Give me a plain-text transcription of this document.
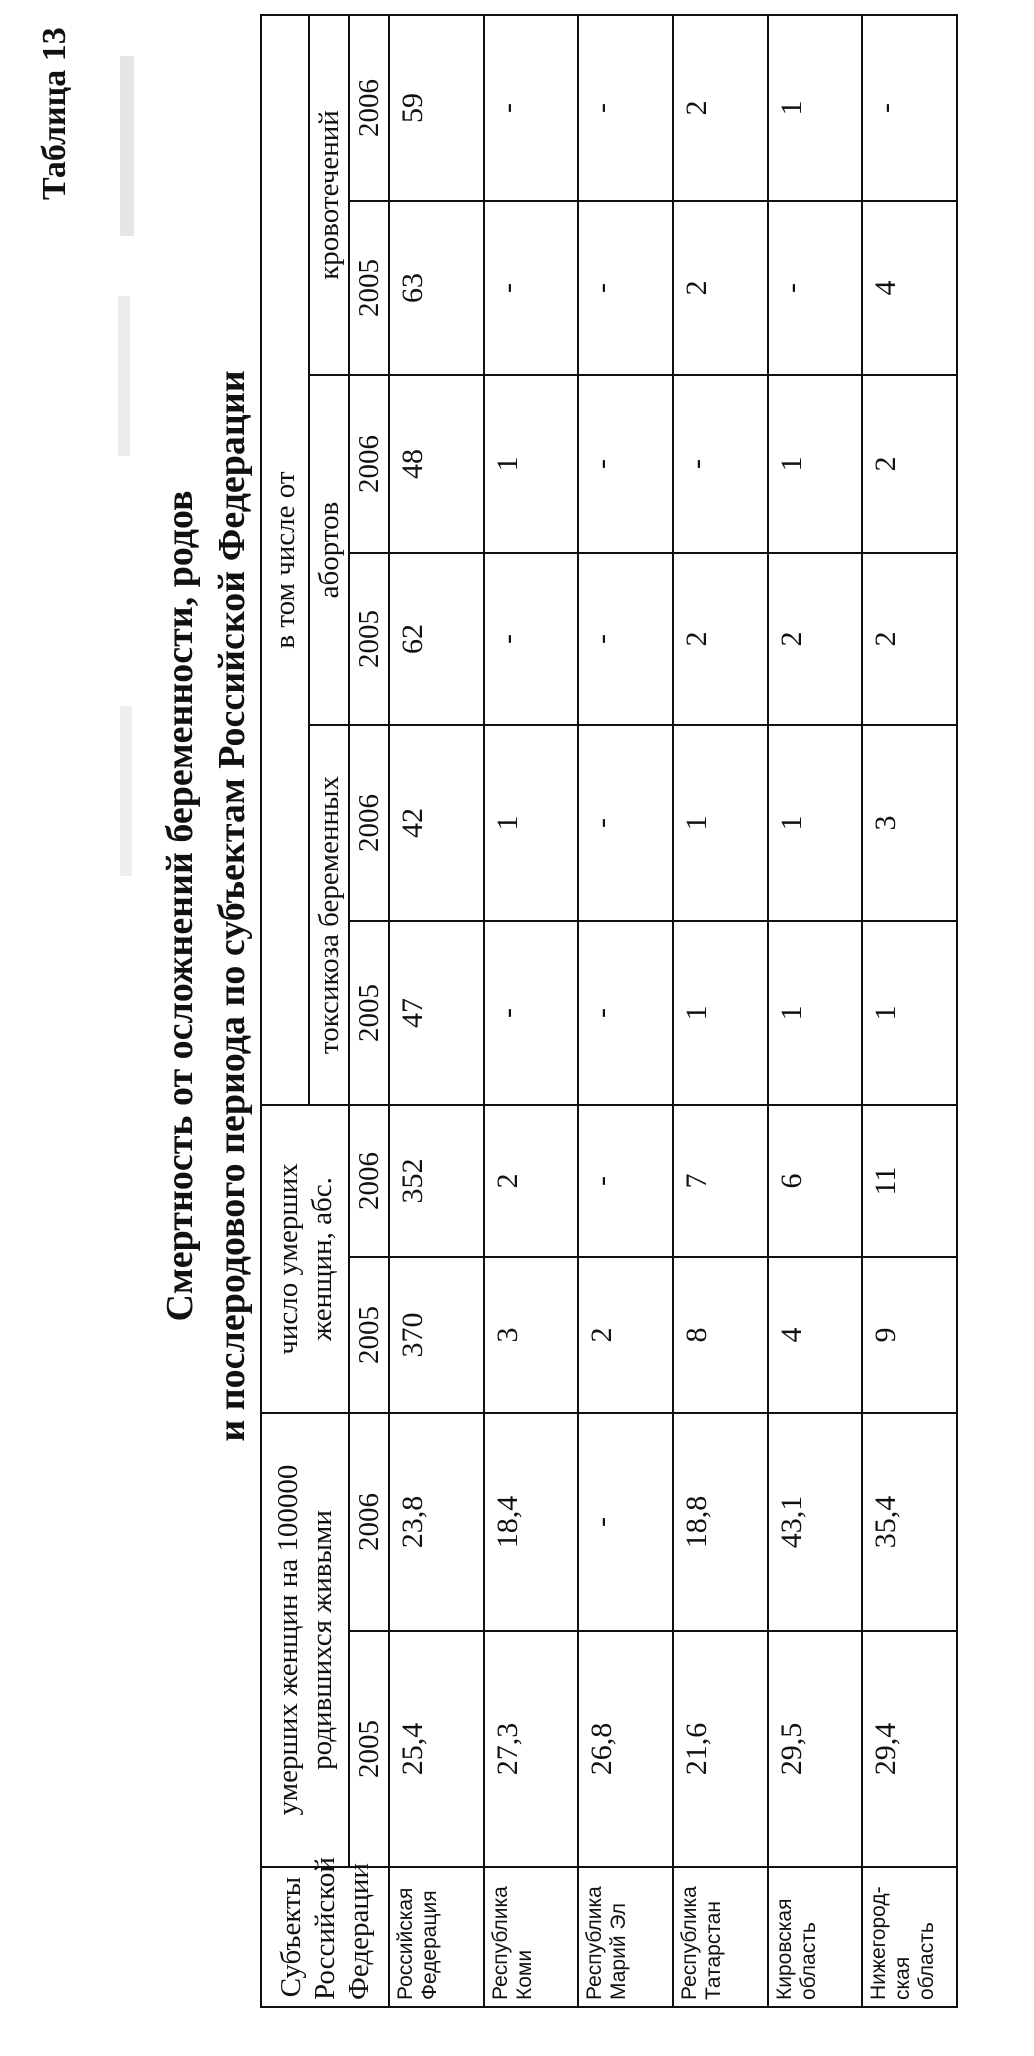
Таблица 13
Смертность от осложнений беременности, родов и послеродового периода по субъектам Российской Федерации
Субъекты Российской Федерации	умерших женщин на 100000 родившихся живыми		число умерших женщин, абс.		в том числе от					
					токсикоза беременных		абортов		кровотечений	
	2005	2006	2005	2006	2005	2006	2005	2006	2005	2006
Российская Федерация	25,4	23,8	370	352	47	42	62	48	63	59
Республика Коми	27,3	18,4	3	2	-	1	-	1	-	-
Республика Марий Эл	26,8	-	2	-	-	-	-	-	-	-
Республика Татарстан	21,6	18,8	8	7	1	1	2	-	2	2
Кировская область	29,5	43,1	4	6	1	1	2	1	-	1
Нижегород-ская область	29,4	35,4	9	11	1	3	2	2	4	-
